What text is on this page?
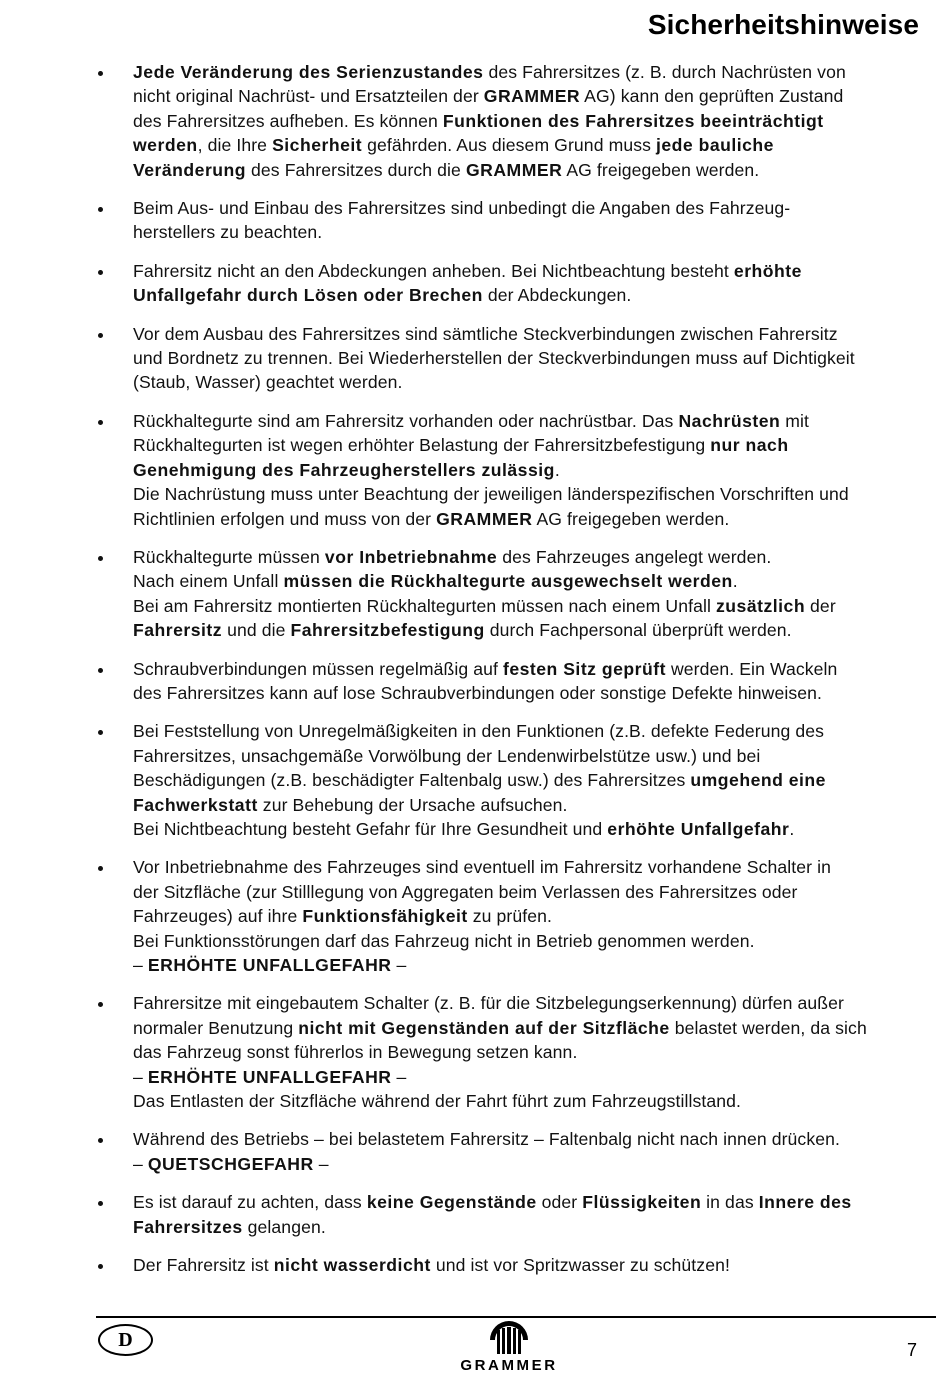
Sicherheitshinweise
Jede Veränderung des Serienzustandes des Fahrersitzes (z. B. durch Nachrüsten von
nicht original Nachrüst- und Ersatzteilen der GRAMMER AG) kann den geprüften Zustand
des Fahrersitzes aufheben. Es können Funktionen des Fahrersitzes beeinträchtigt
werden, die Ihre Sicherheit gefährden. Aus diesem Grund muss jede bauliche
Veränderung des Fahrersitzes durch die GRAMMER AG freigegeben werden.
Beim Aus- und Einbau des Fahrersitzes sind unbedingt die Angaben des Fahrzeug-
herstellers zu beachten.
Fahrersitz nicht an den Abdeckungen anheben. Bei Nichtbeachtung besteht erhöhte
Unfallgefahr durch Lösen oder Brechen der Abdeckungen.
Vor dem Ausbau des Fahrersitzes sind sämtliche Steckverbindungen zwischen Fahrersitz
und Bordnetz zu trennen. Bei Wiederherstellen der Steckverbindungen muss auf Dichtigkeit
(Staub, Wasser) geachtet werden.
Rückhaltegurte sind am Fahrersitz vorhanden oder nachrüstbar. Das Nachrüsten mit
Rückhaltegurten ist wegen erhöhter Belastung der Fahrersitzbefestigung nur nach
Genehmigung des Fahrzeugherstellers zulässig.
Die Nachrüstung muss unter Beachtung der jeweiligen länderspezifischen Vorschriften und
Richtlinien erfolgen und muss von der GRAMMER AG freigegeben werden.
Rückhaltegurte müssen vor Inbetriebnahme des Fahrzeuges angelegt werden.
Nach einem Unfall müssen die Rückhaltegurte ausgewechselt werden.
Bei am Fahrersitz montierten Rückhaltegurten müssen nach einem Unfall zusätzlich der
Fahrersitz und die Fahrersitzbefestigung durch Fachpersonal überprüft werden.
Schraubverbindungen müssen regelmäßig auf festen Sitz geprüft werden. Ein Wackeln
des Fahrersitzes kann auf lose Schraubverbindungen oder sonstige Defekte hinweisen.
Bei Feststellung von Unregelmäßigkeiten in den Funktionen (z.B. defekte Federung des
Fahrersitzes, unsachgemäße Vorwölbung der Lendenwirbelstütze usw.) und bei
Beschädigungen (z.B. beschädigter Faltenbalg usw.) des Fahrersitzes umgehend eine
Fachwerkstatt zur Behebung der Ursache aufsuchen.
Bei Nichtbeachtung besteht Gefahr für Ihre Gesundheit und erhöhte Unfallgefahr.
Vor Inbetriebnahme des Fahrzeuges sind eventuell im Fahrersitz vorhandene Schalter in
der Sitzfläche (zur Stilllegung von Aggregaten beim Verlassen des Fahrersitzes oder
Fahrzeuges) auf ihre Funktionsfähigkeit zu prüfen.
Bei Funktionsstörungen darf das Fahrzeug nicht in Betrieb genommen werden.
– ERHÖHTE UNFALLGEFAHR –
Fahrersitze mit eingebautem Schalter (z. B. für die Sitzbelegungserkennung) dürfen außer
normaler Benutzung nicht mit Gegenständen auf der Sitzfläche belastet werden, da sich
das Fahrzeug sonst führerlos in Bewegung setzen kann.
– ERHÖHTE UNFALLGEFAHR –
Das Entlasten der Sitzfläche während der Fahrt führt zum Fahrzeugstillstand.
Während des Betriebs – bei belastetem Fahrersitz – Faltenbalg nicht nach innen drücken.
– QUETSCHGEFAHR –
Es ist darauf zu achten, dass keine Gegenstände oder Flüssigkeiten in das Innere des
Fahrersitzes gelangen.
Der Fahrersitz ist nicht wasserdicht und ist vor Spritzwasser zu schützen!
D
GRAMMER
7
